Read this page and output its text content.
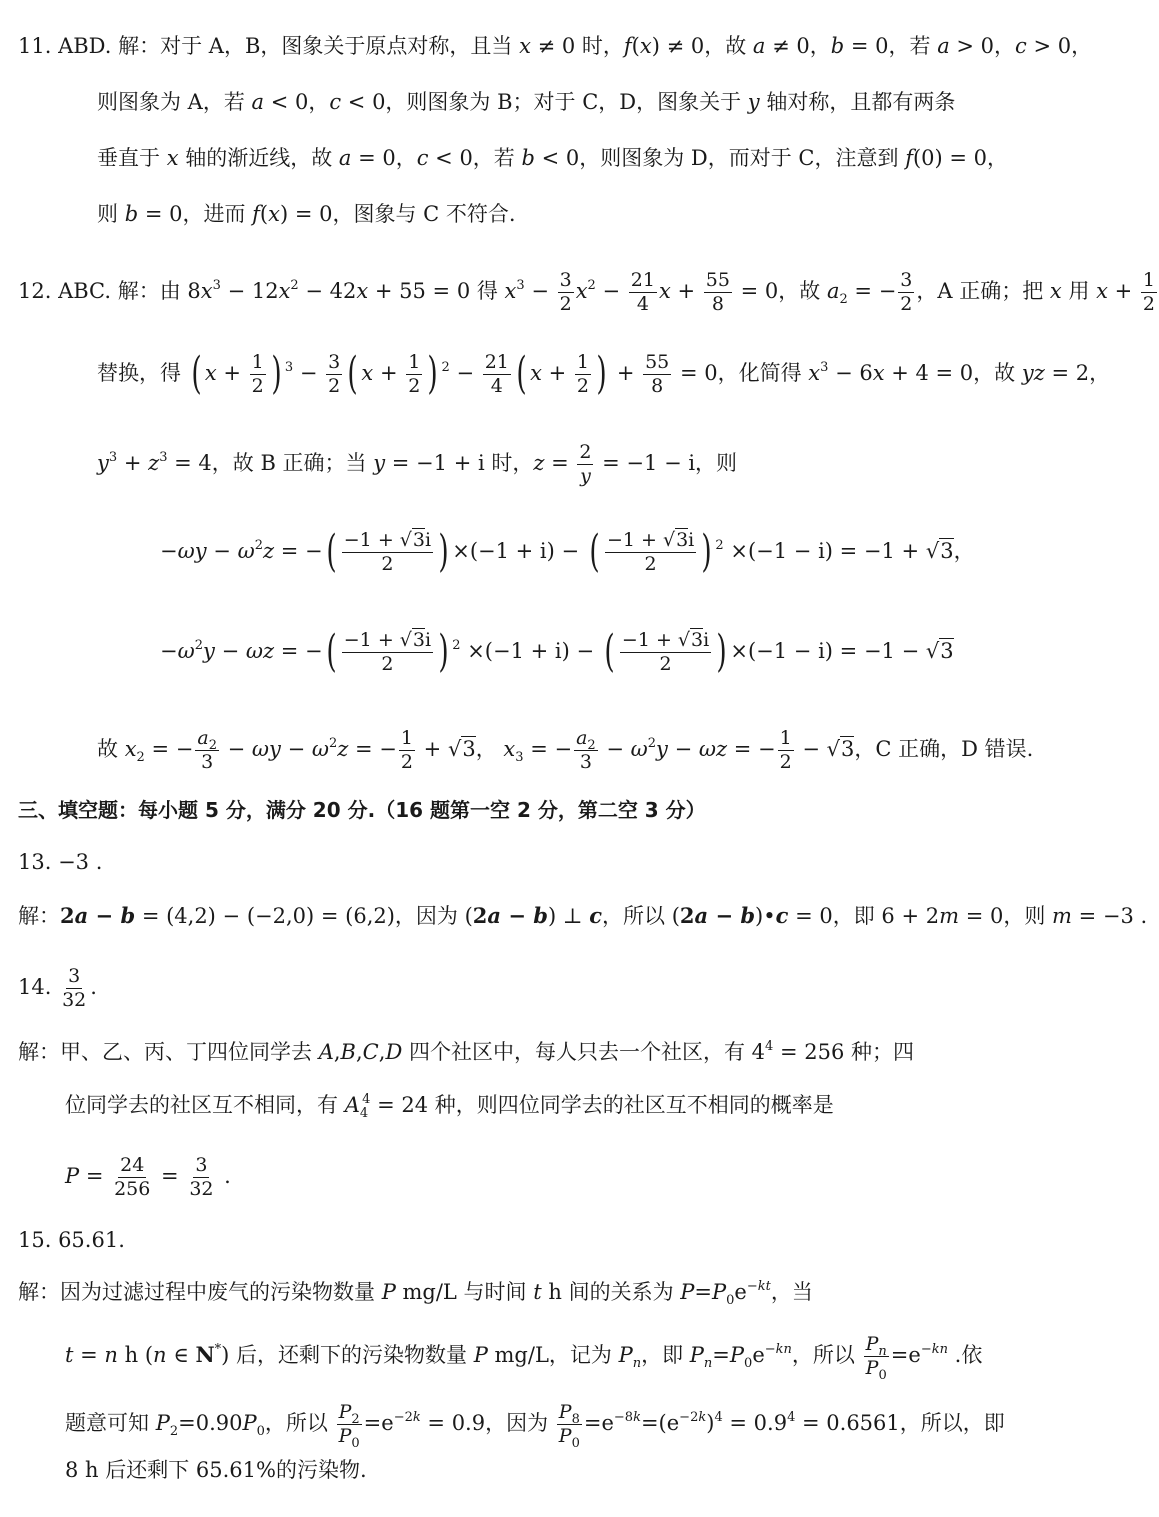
11. ABD. 解：对于 A，B，图象关于原点对称，且当 x ≠ 0 时，f(x) ≠ 0，故 a ≠ 0，b = 0，若 a > 0，c > 0，
则图象为 A，若 a < 0，c < 0，则图象为 B；对于 C，D，图象关于 y 轴对称，且都有两条
垂直于 x 轴的渐近线，故 a = 0，c < 0，若 b < 0，则图象为 D，而对于 C，注意到 f(0) = 0，
则 b = 0，进而 f(x) = 0，图象与 C 不符合.
12. ABC. 解：由 $8x^3 - 12x^2 - 42x + 55 = 0$ 得 $x^3 - \frac{3}{2} x^2 - \frac{21}{4}$ $x + \frac{55}{8} = 0$，故 $a_2$ = − $\frac{3}{2}$ ，A 正确；把 x 用 $x + \frac{1}{2}$
替换，得 ( $x + \frac{1}{2}$ ) $^3 - \frac{3}{2}$ ( $x + \frac{1}{2}$ ) $^2 - \frac{21}{4}$ ( $x + \frac{1}{2}$ ) + $\frac{55}{8} = 0$，化简得 $x^3 - 6x + 4 = 0$，故 yz = 2，
$y^3 + z^3 = 4$，故 B 正确；当 y = −1 + i 时，$z = \frac{2}{y} = -1 - i$，则
$-\omega y - \omega^2z$ = −( $\frac{-1 + √3i}{2}$ ) ×(−1 + i) − ( $\frac{-1 + √3i}{2}$ ) $^2$ ×(−1 − i) = −1 + √3，
$-\omega^2y - \omega z$ = −( $\frac{-1 + √3i}{2}$ ) $^2$ ×(−1 + i) − ( $\frac{-1 + √3i}{2}$ ) ×(−1 − i) = −1 − √3
故 $x_2$ = − $\frac{a_2}{3} - \omega y - \omega^2z$ = − $\frac{1}{2} + √3$， $x_3$ = − $\frac{a_2}{3} - \omega^2y - \omega z$ = − $\frac{1}{2} - √3$，C 正确，D 错误.
三、填空题：每小题 5 分，满分 20 分.（16 题第一空 2 分，第二空 3 分）
13. −3 .
解：2a − b = (4,2) − (−2,0) = (6,2)，因为 (2a − b) ⊥ c，所以 (2a − b)•c = 0，即 6 + 2m = 0，则 m = −3 .
14. $\frac{3}{32}$ .
解：甲、乙、丙、丁四位同学去 A,B,C,D 四个社区中，每人只去一个社区，有 $4^4 = 256$ 种；四
位同学去的社区互不相同，有 $A_4^4 = 24$ 种，则四位同学去的社区互不相同的概率是
$P = \frac{24}{256} = \frac{3}{32}$ .
15. 65.61.
解：因为过滤过程中废气的污染物数量 P mg/L 与时间 t h 间的关系为 $P=P_0e^{-kt}$，当
t = n h (n ∈ N*) 后，还剩下的污染物数量 P mg/L，记为 $P_n$，即 $P_n=P_0e^{-kn}$，所以 $\frac{P_n}{P_0} =e^{-kn}$ .依
题意可知 $P_2=0.90P_0$，所以 $\frac{P_2}{P_0} =e^{-2k} = 0.9$，因为 $\frac{P_8}{P_0} =e^{-8k}=(e^{-2k})^4 = 0.9^4 = 0.6561$，所以，即
8 h 后还剩下 65.61%的污染物.
